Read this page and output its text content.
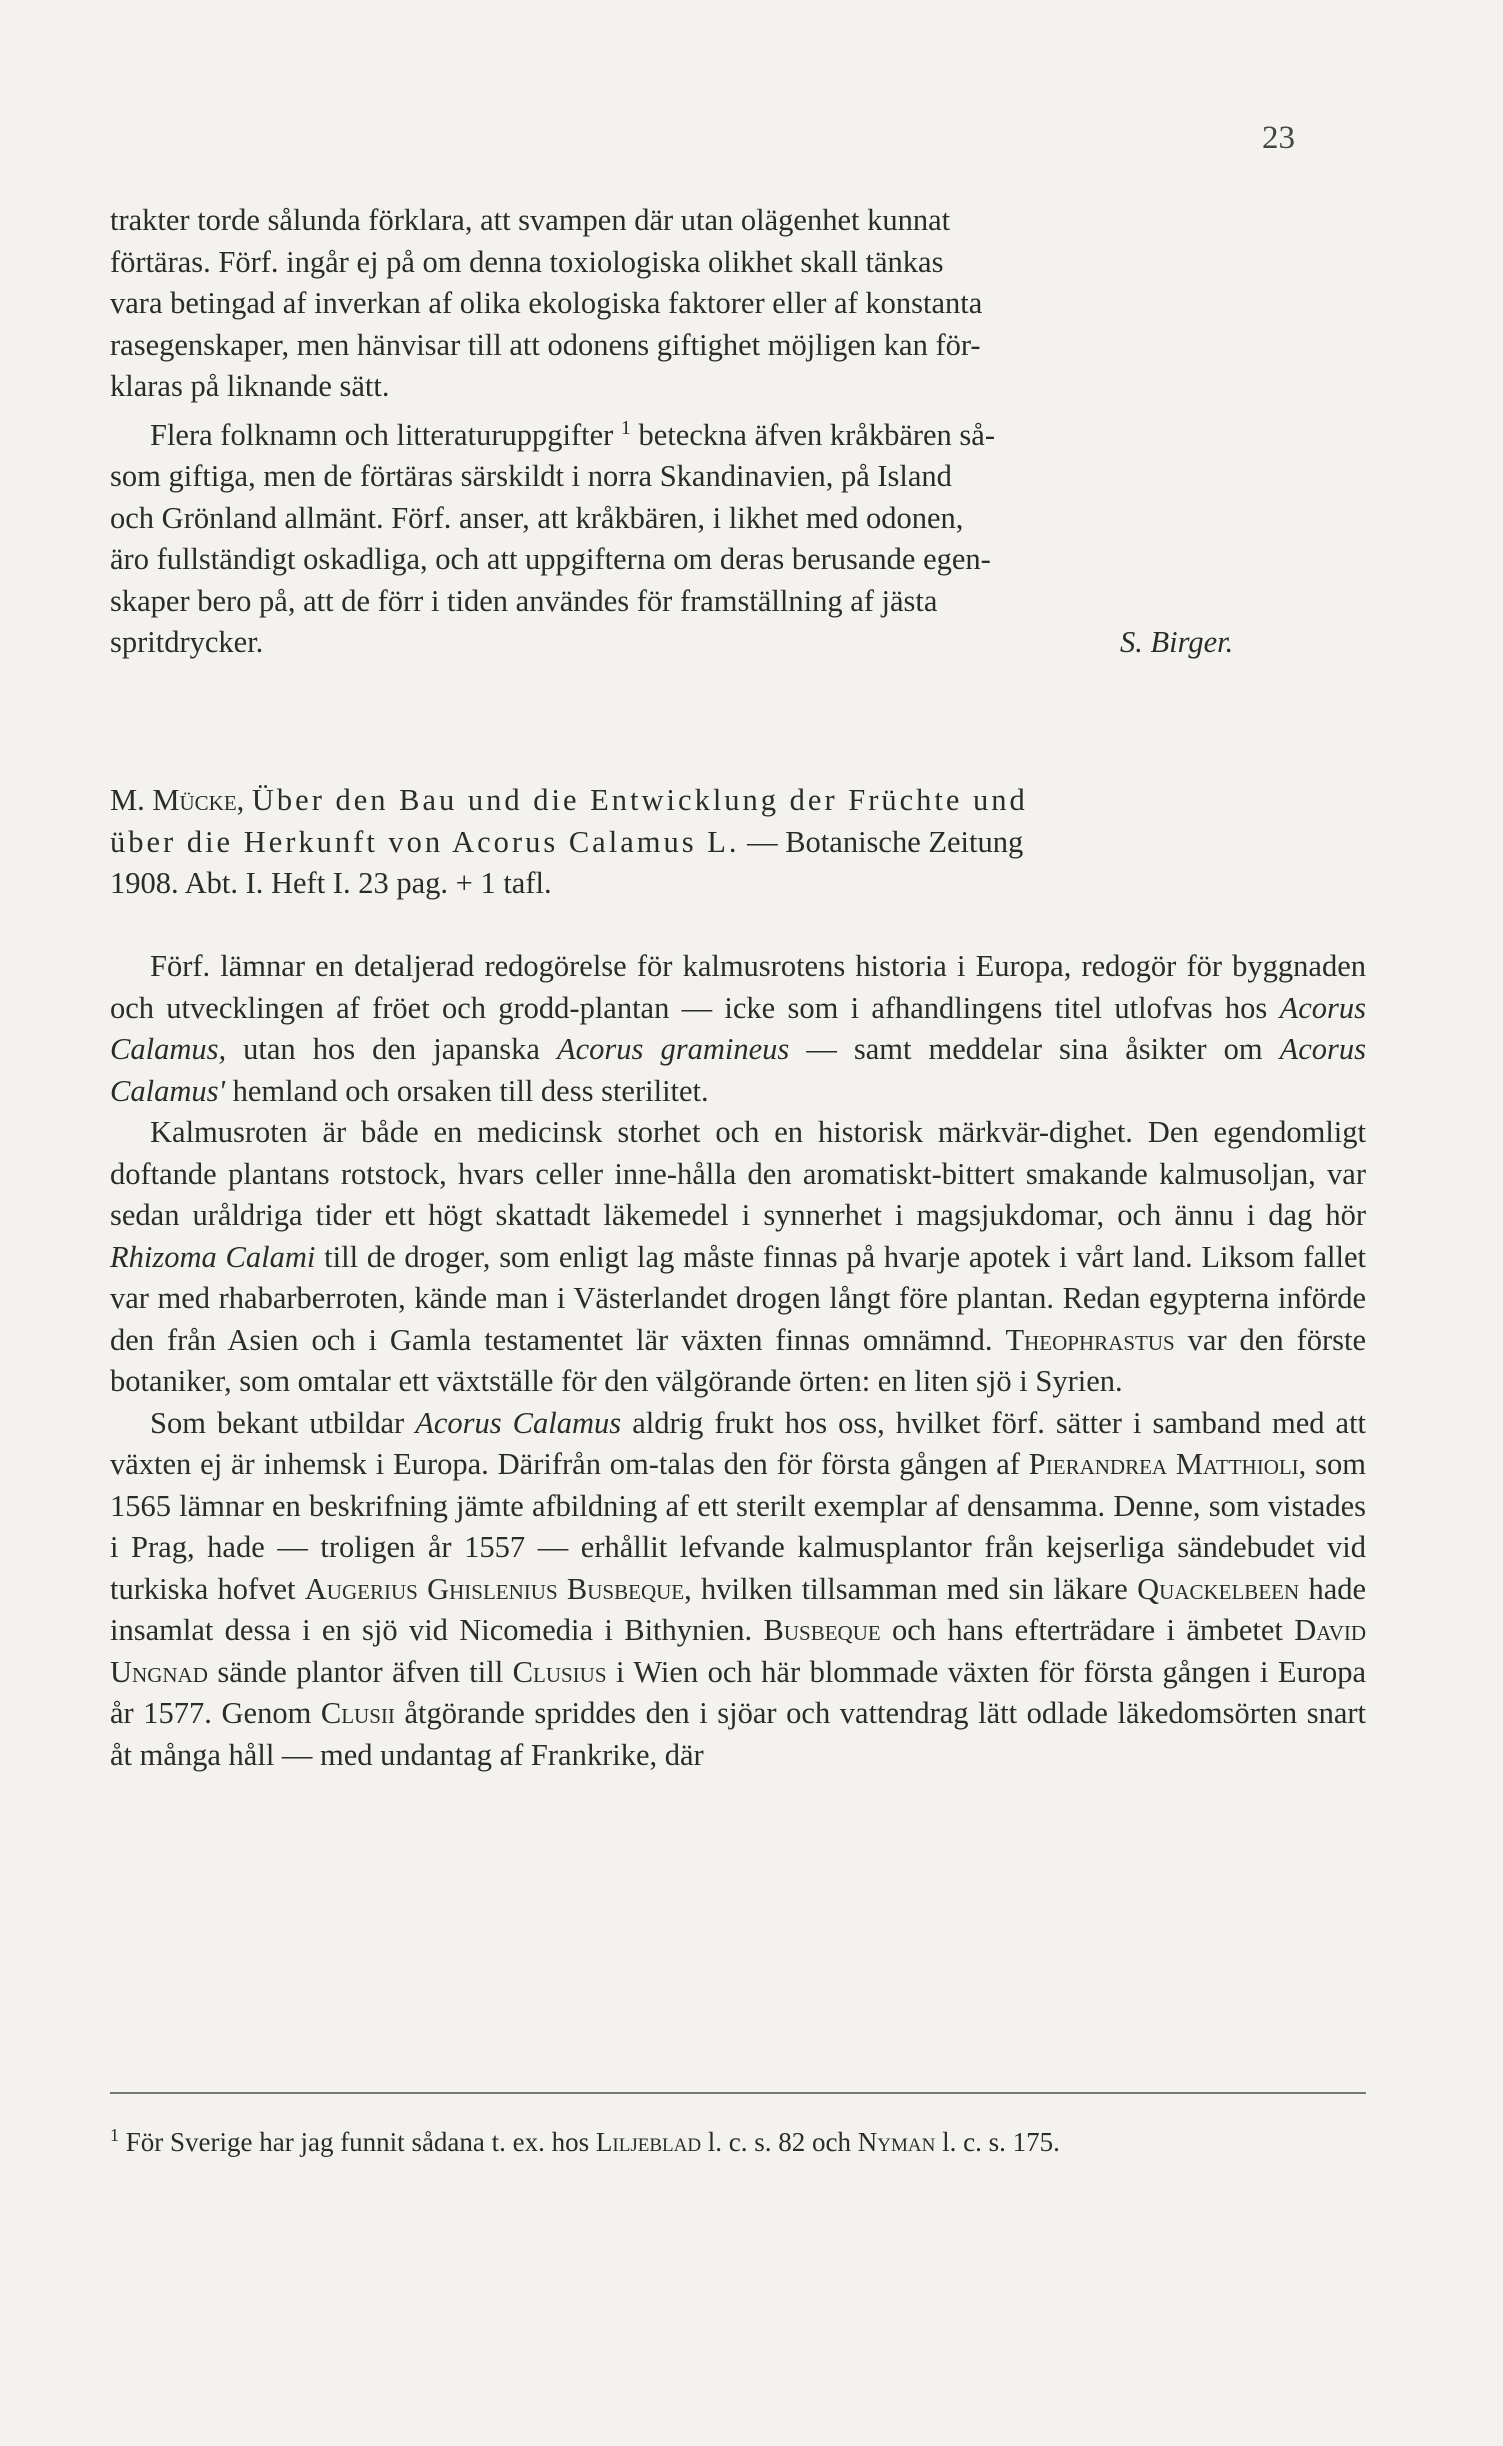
23
trakter torde sålunda förklara, att svampen där utan olägenhet kunnat
förtäras. Förf. ingår ej på om denna toxiologiska olikhet skall tänkas
vara betingad af inverkan af olika ekologiska faktorer eller af konstanta
rasegenskaper, men hänvisar till att odonens giftighet möjligen kan för-
klaras på liknande sätt.
Flera folknamn och litteraturuppgifter $^1$ beteckna äfven kråkbären så-
som giftiga, men de förtäras särskildt i norra Skandinavien, på Island
och Grönland allmänt. Förf. anser, att kråkbären, i likhet med odonen,
äro fullständigt oskadliga, och att uppgifterna om deras berusande egen-
skaper bero på, att de förr i tiden användes för framställning af jästa
spritdrycker.	S. Birger.
M. Mücke, Über den Bau und die Entwicklung der Früchte und
über die Herkunft von Acorus Calamus L. — Botanische Zeitung
1908. Abt. I. Heft I. 23 pag. + 1 tafl.

Förf. lämnar en detaljerad redogörelse för kalmusrotens historia i Europa, redogör för byggnaden och utvecklingen af fröet och grodd-plantan — icke som i afhandlingens titel utlofvas hos Acorus Calamus, utan hos den japanska Acorus gramineus — samt meddelar sina åsikter om Acorus Calamus' hemland och orsaken till dess sterilitet.

Kalmusroten är både en medicinsk storhet och en historisk märkvär-dighet. Den egendomligt doftande plantans rotstock, hvars celler inne-hålla den aromatiskt-bittert smakande kalmusoljan, var sedan uråldriga tider ett högt skattadt läkemedel i synnerhet i magsjukdomar, och ännu i dag hör Rhizoma Calami till de droger, som enligt lag måste finnas på hvarje apotek i vårt land. Liksom fallet var med rhabarberroten, kände man i Västerlandet drogen långt före plantan. Redan egypterna införde den från Asien och i Gamla testamentet lär växten finnas omnämnd. Theophrastus var den förste botaniker, som omtalar ett växtställe för den välgörande örten: en liten sjö i Syrien.

Som bekant utbildar Acorus Calamus aldrig frukt hos oss, hvilket förf. sätter i samband med att växten ej är inhemsk i Europa. Därifrån om-talas den för första gången af Pierandrea Matthioli, som 1565 lämnar en beskrifning jämte afbildning af ett sterilt exemplar af densamma. Denne, som vistades i Prag, hade — troligen år 1557 — erhållit lefvande kalmusplantor från kejserliga sändebudet vid turkiska hofvet Augerius Ghislenius Busbeque, hvilken tillsamman med sin läkare Quackelbeen hade insamlat dessa i en sjö vid Nicomedia i Bithynien. Busbeque och hans efterträdare i ämbetet David Ungnad sände plantor äfven till Clusius i Wien och här blommade växten för första gången i Europa år 1577. Genom Clusii åtgörande spriddes den i sjöar och vattendrag lätt odlade läkedomsörten snart åt många håll — med undantag af Frankrike, där

$^1$ För Sverige har jag funnit sådana t. ex. hos Liljeblad l. c. s. 82 och Nyman l. c. s. 175.
